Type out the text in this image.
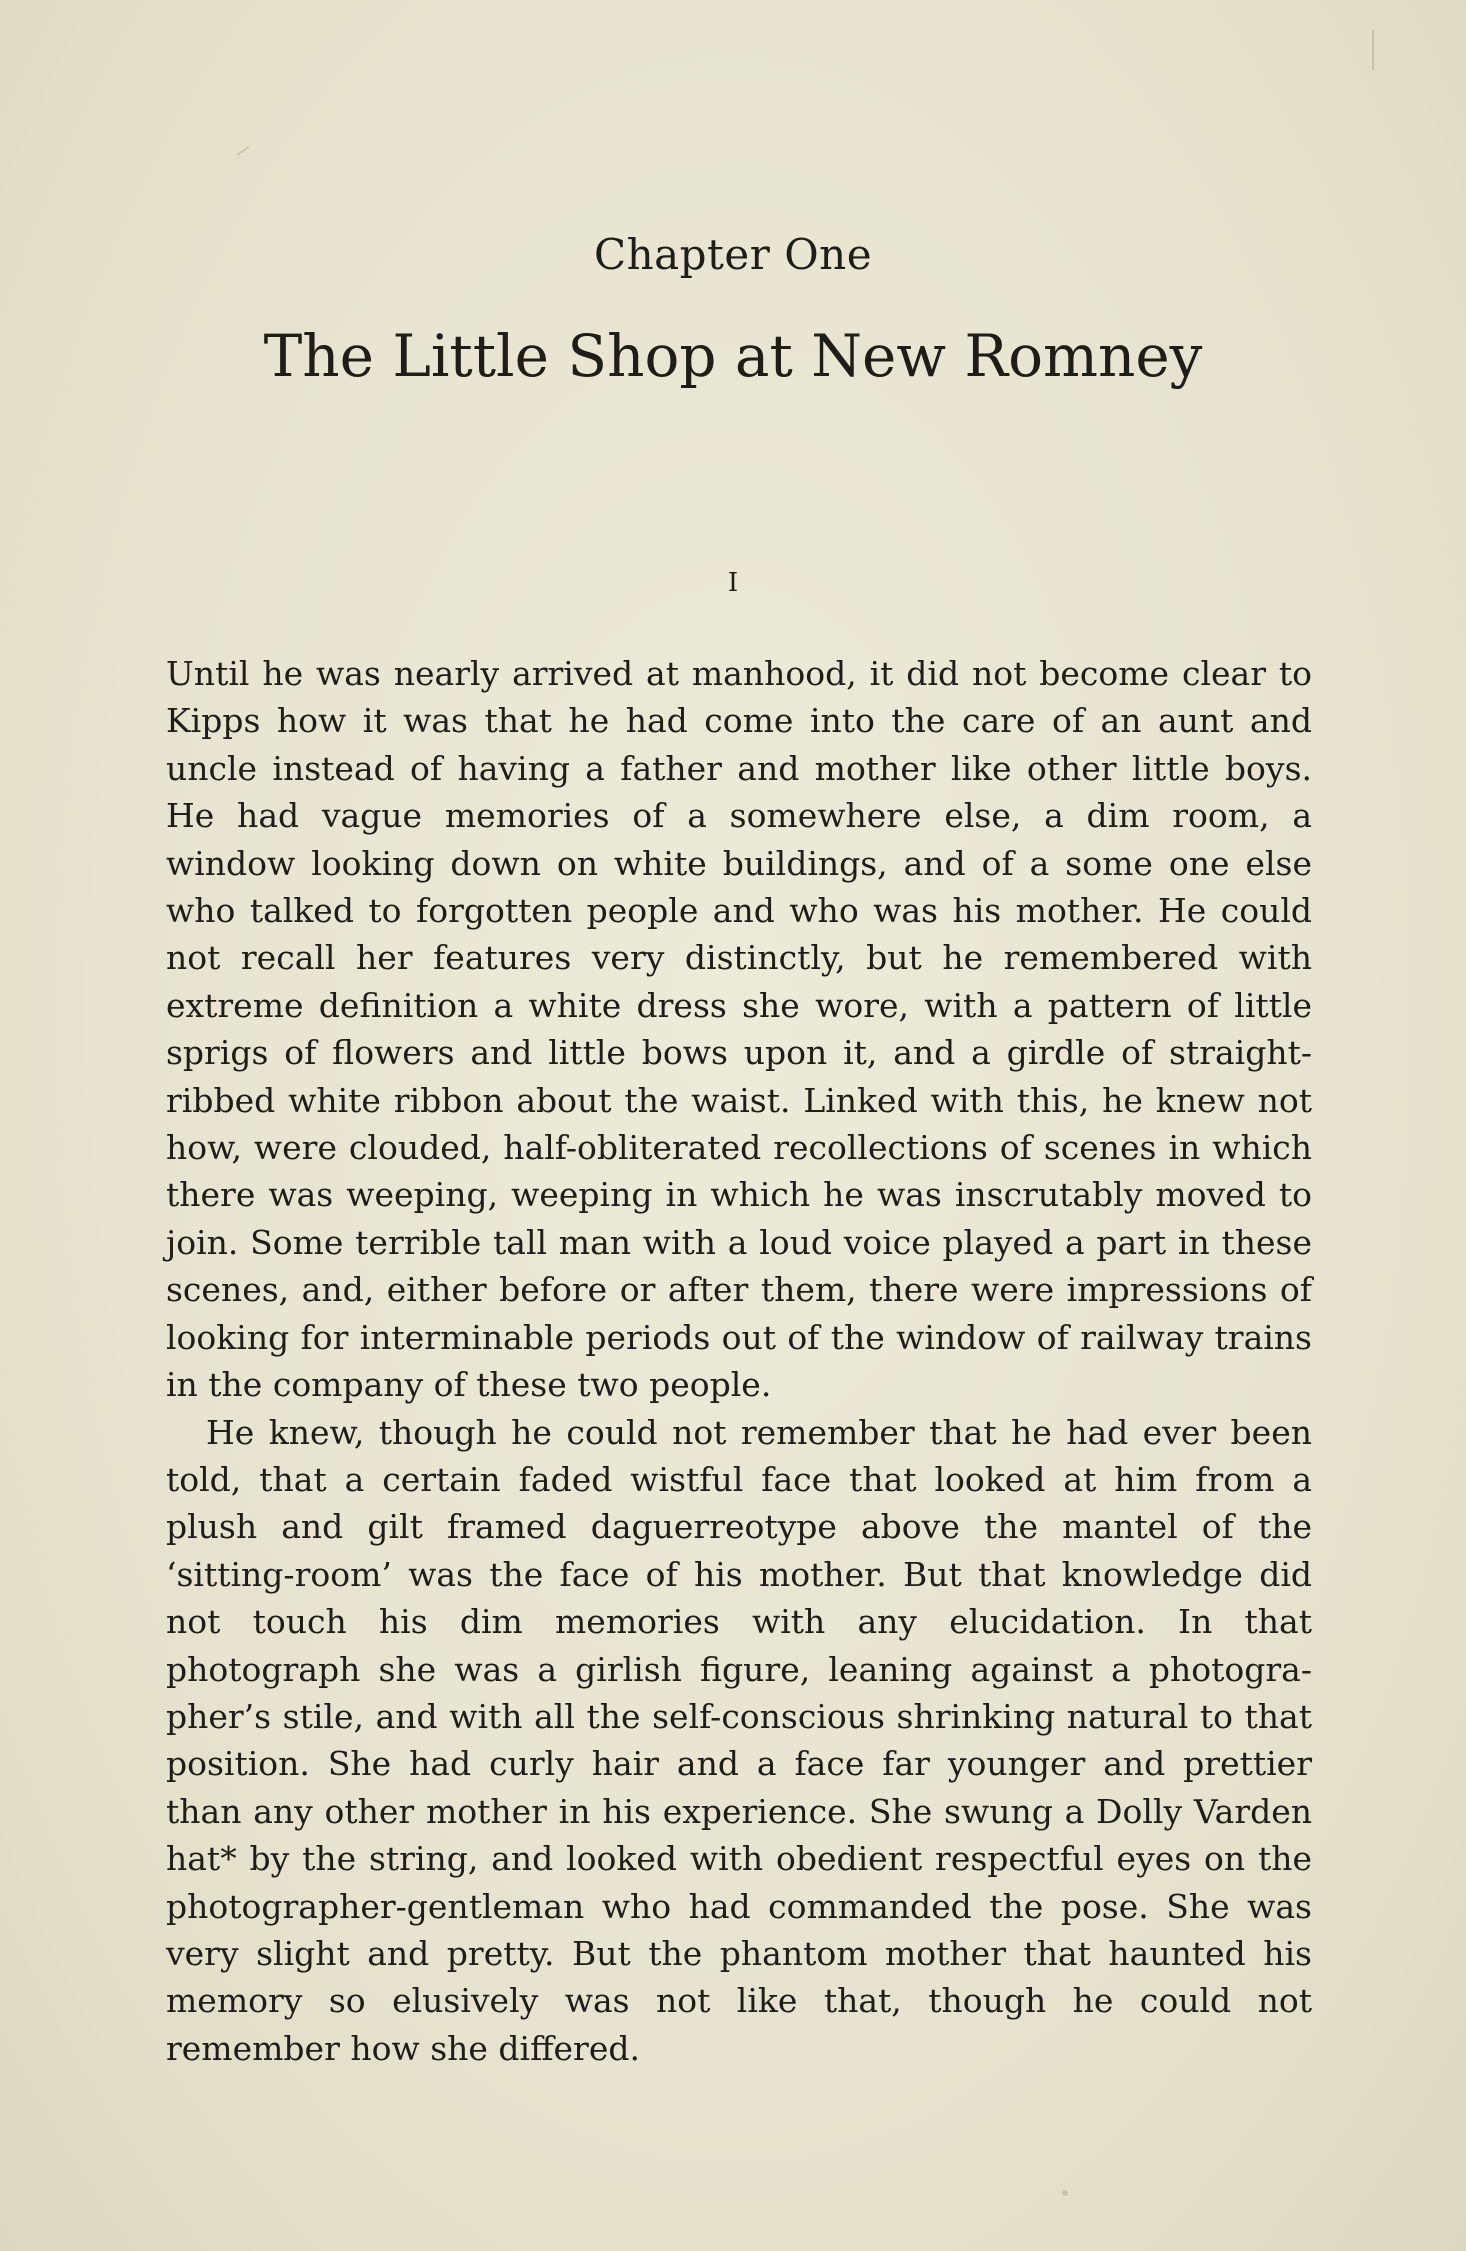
Chapter One
The Little Shop at New Romney
I

Until he was nearly arrived at manhood, it did not become clear to Kipps how it was that he had come into the care of an aunt and uncle instead of having a father and mother like other little boys. He had vague memories of a somewhere else, a dim room, a window looking down on white buildings, and of a some one else who talked to forgotten people and who was his mother. He could not recall her features very distinctly, but he remembered with extreme definition a white dress she wore, with a pattern of little sprigs of flowers and little bows upon it, and a girdle of straight-ribbed white ribbon about the waist. Linked with this, he knew not how, were clouded, half-obliterated recollections of scenes in which there was weeping, weeping in which he was inscrutably moved to join. Some terrible tall man with a loud voice played a part in these scenes, and, either before or after them, there were impressions of looking for interminable periods out of the window of railway trains in the company of these two people.

He knew, though he could not remember that he had ever been told, that a certain faded wistful face that looked at him from a plush and gilt framed daguerreotype above the mantel of the ‘sitting-room’ was the face of his mother. But that knowledge did not touch his dim memories with any elucidation. In that photograph she was a girlish figure, leaning against a photographer’s stile, and with all the self-conscious shrinking natural to that position. She had curly hair and a face far younger and prettier than any other mother in his experience. She swung a Dolly Varden hat* by the string, and looked with obedient respectful eyes on the photographer-gentleman who had commanded the pose. She was very slight and pretty. But the phantom mother that haunted his memory so elusively was not like that, though he could not remember how she differed.
